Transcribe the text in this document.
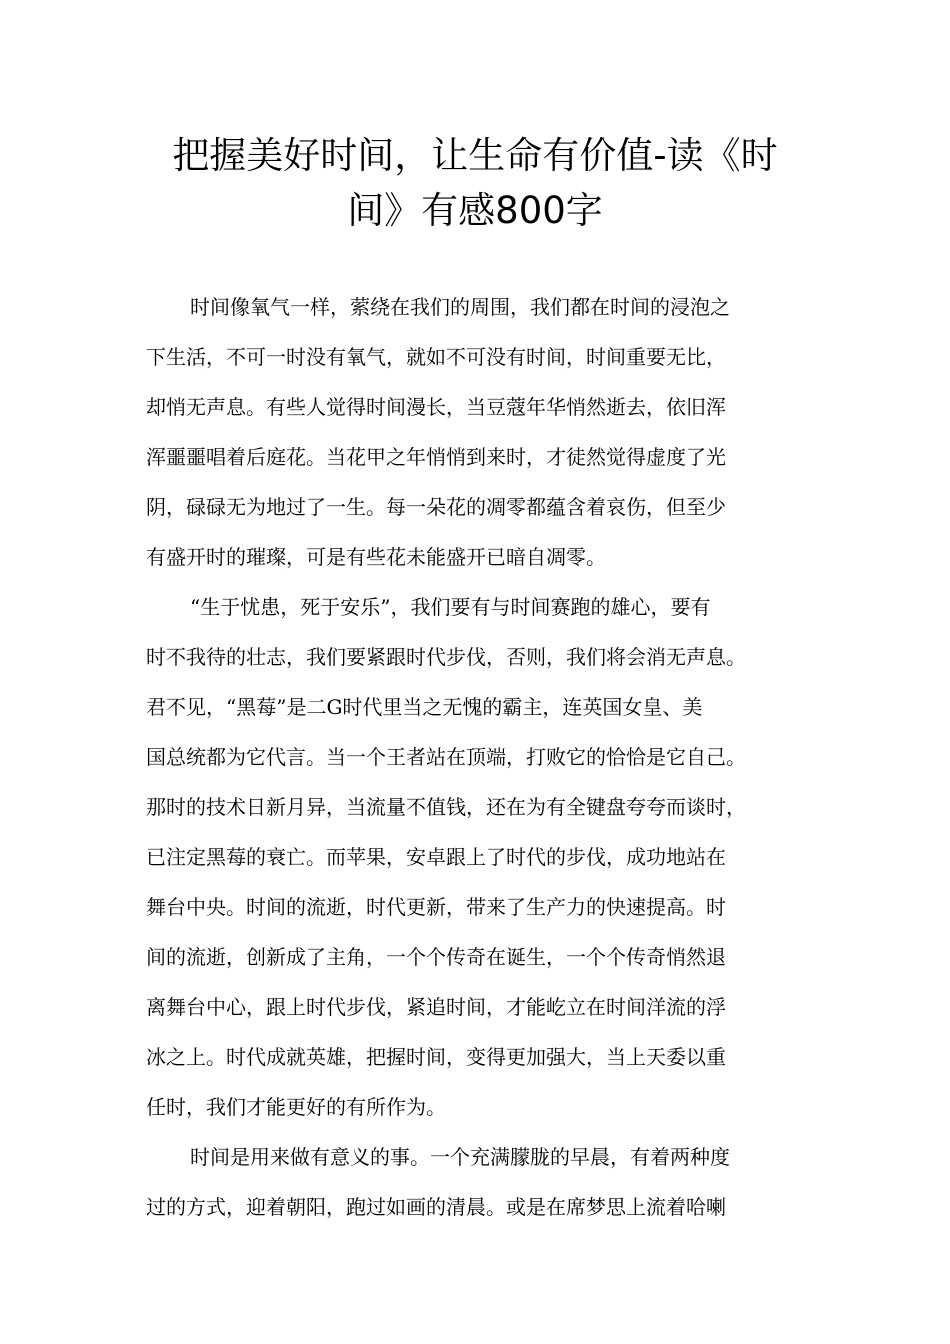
把握美好时间，让生命有价值-读《时
间》有感800字
时间像氧气一样，萦绕在我们的周围，我们都在时间的浸泡之
下生活，不可一时没有氧气，就如不可没有时间，时间重要无比，
却悄无声息。有些人觉得时间漫长，当豆蔻年华悄然逝去，依旧浑
浑噩噩唱着后庭花。当花甲之年悄悄到来时，才徒然觉得虚度了光
阴，碌碌无为地过了一生。每一朵花的凋零都蕴含着哀伤，但至少
有盛开时的璀璨，可是有些花未能盛开已暗自凋零。
“生于忧患，死于安乐”，我们要有与时间赛跑的雄心，要有
时不我待的壮志，我们要紧跟时代步伐，否则，我们将会消无声息。
君不见，“黑莓”是二G时代里当之无愧的霸主，连英国女皇、美
国总统都为它代言。当一个王者站在顶端，打败它的恰恰是它自己。
那时的技术日新月异，当流量不值钱，还在为有全键盘夸夸而谈时，
已注定黑莓的衰亡。而苹果，安卓跟上了时代的步伐，成功地站在
舞台中央。时间的流逝，时代更新，带来了生产力的快速提高。时
间的流逝，创新成了主角，一个个传奇在诞生，一个个传奇悄然退
离舞台中心，跟上时代步伐，紧追时间，才能屹立在时间洋流的浮
冰之上。时代成就英雄，把握时间，变得更加强大，当上天委以重
任时，我们才能更好的有所作为。
时间是用来做有意义的事。一个充满朦胧的早晨，有着两种度
过的方式，迎着朝阳，跑过如画的清晨。或是在席梦思上流着哈喇
